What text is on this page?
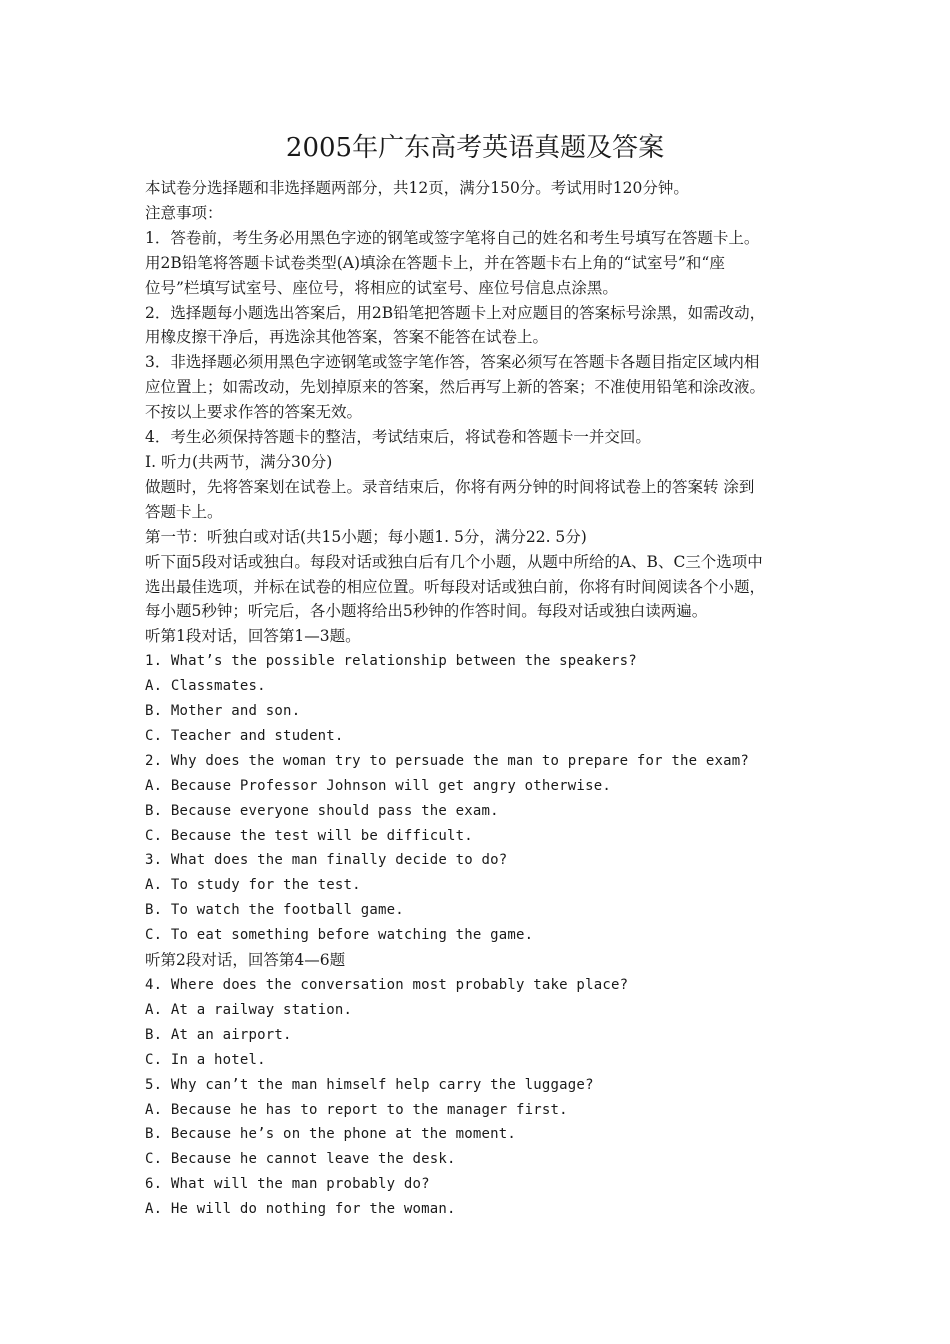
2005年广东高考英语真题及答案

本试卷分选择题和非选择题两部分，共12页，满分150分。考试用时120分钟。

注意事项：

1．答卷前，考生务必用黑色字迹的钢笔或签字笔将自己的姓名和考生号填写在答题卡上。

用2B铅笔将答题卡试卷类型(A)填涂在答题卡上，并在答题卡右上角的“试室号”和“座

位号”栏填写试室号、座位号，将相应的试室号、座位号信息点涂黑。

2．选择题每小题选出答案后，用2B铅笔把答题卡上对应题目的答案标号涂黑，如需改动，

用橡皮擦干净后，再选涂其他答案，答案不能答在试卷上。

3．非选择题必须用黑色字迹钢笔或签字笔作答，答案必须写在答题卡各题目指定区域内相

应位置上；如需改动，先划掉原来的答案，然后再写上新的答案；不准使用铅笔和涂改液。

不按以上要求作答的答案无效。

4．考生必须保持答题卡的整洁，考试结束后，将试卷和答题卡一并交回。

I. 听力(共两节，满分30分)

做题时，先将答案划在试卷上。录音结束后，你将有两分钟的时间将试卷上的答案转 涂到

答题卡上。

第一节：听独白或对话(共15小题；每小题1. 5分，满分22. 5分)

听下面5段对话或独白。每段对话或独白后有几个小题，从题中所给的A、B、C三个选项中

选出最佳选项，并标在试卷的相应位置。听每段对话或独白前，你将有时间阅读各个小题，

每小题5秒钟；听完后，各小题将给出5秒钟的作答时间。每段对话或独白读两遍。

听第1段对话，回答第1—3题。

1. What’s the possible relationship between the speakers?

A. Classmates.

B. Mother and son.

C. Teacher and student.

2. Why does the woman try to persuade the man to prepare for the exam?

A. Because Professor Johnson will get angry otherwise.

B. Because everyone should pass the exam.

C. Because the test will be difficult.

3. What does the man finally decide to do?

A. To study for the test.

B. To watch the football game.

C. To eat something before watching the game.

听第2段对话，回答第4—6题

4. Where does the conversation most probably take place?

A. At a railway station.

B. At an airport.

C. In a hotel.

5. Why can’t the man himself help carry the luggage?

A. Because he has to report to the manager first.

B. Because he’s on the phone at the moment.

C. Because he cannot leave the desk.

6. What will the man probably do?

A. He will do nothing for the woman.
